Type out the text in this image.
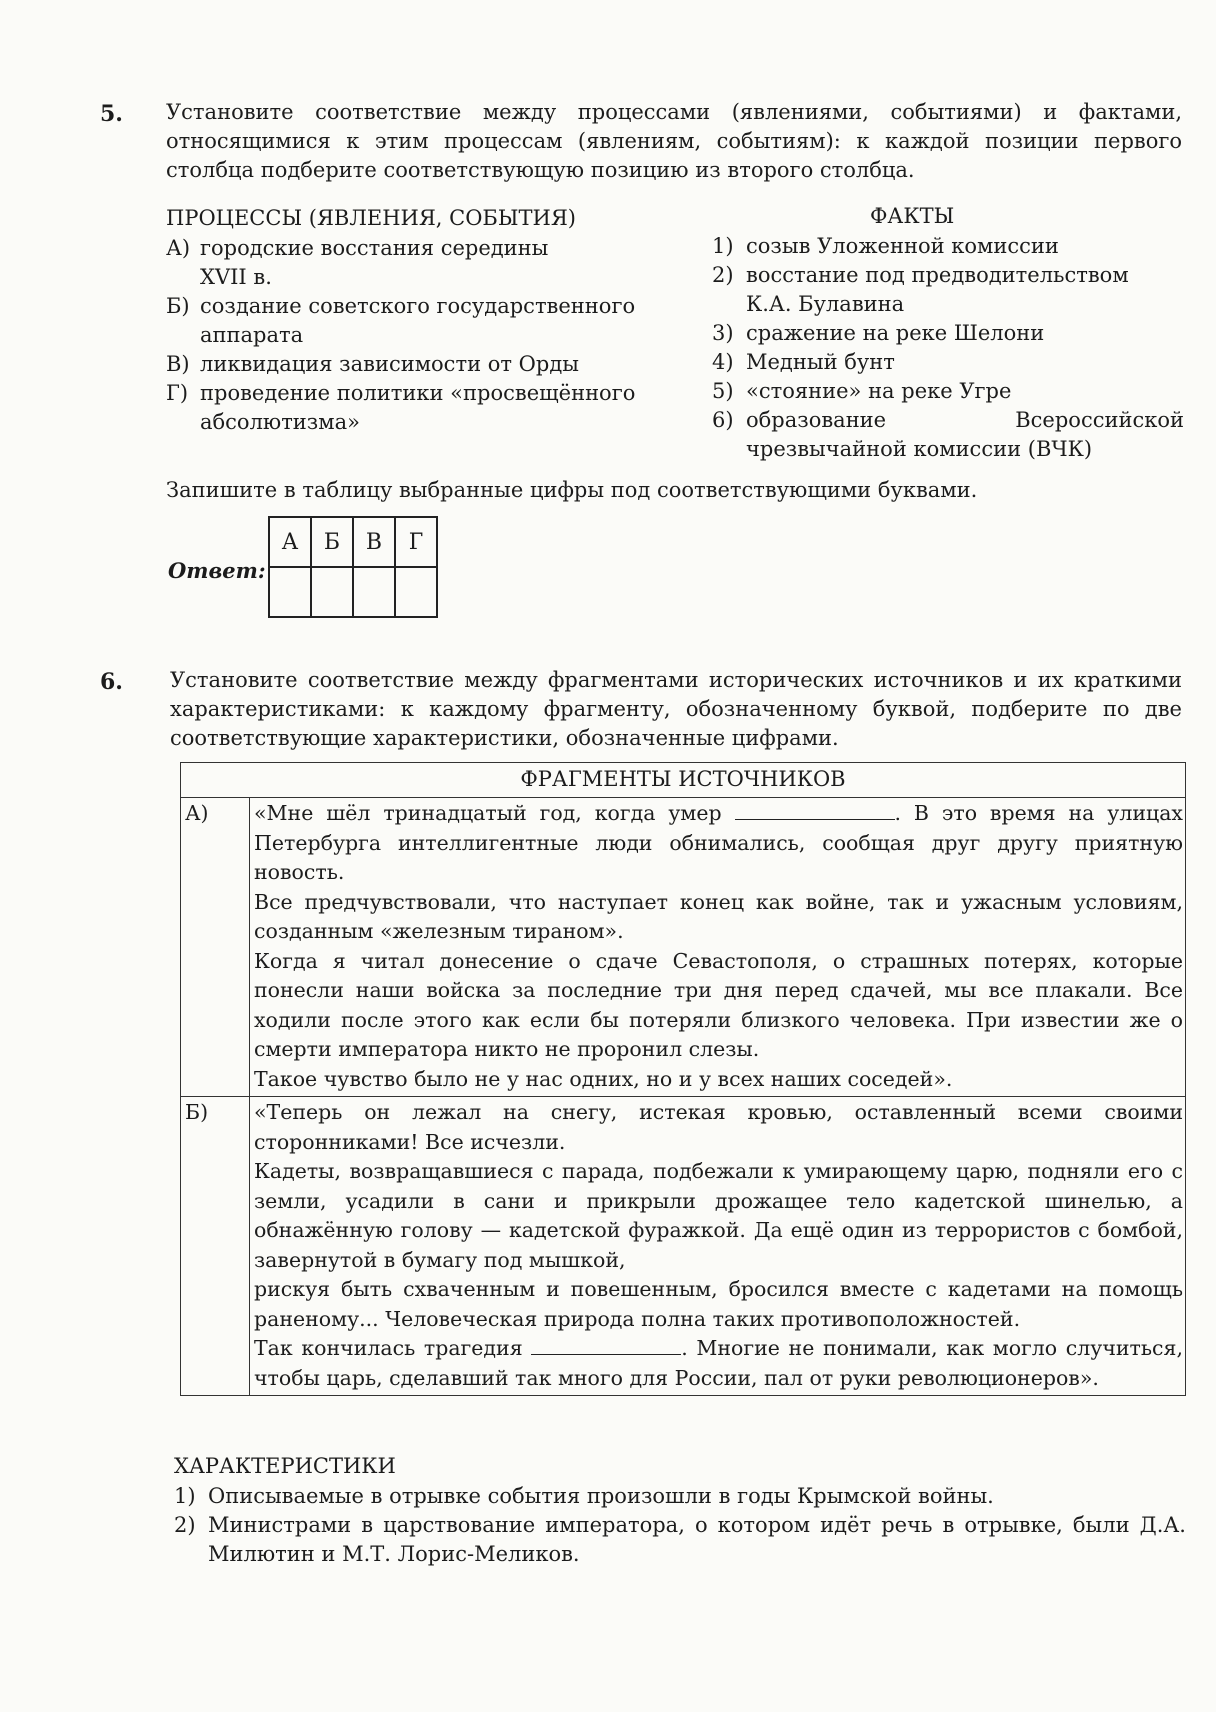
5. Установите соответствие между процессами (явлениями, событиями) и фактами, относящимися к этим процессам (явлениям, событиям): к каждой позиции первого столбца подберите соответствующую позицию из второго столбца.
ПРОЦЕССЫ (ЯВЛЕНИЯ, СОБЫТИЯ)	ФАКТЫ
А) городские восстания середины XVII в.
Б) создание советского государственного аппарата
В) ликвидация зависимости от Орды
Г) проведение политики «просвещённого абсолютизма»
1) созыв Уложенной комиссии
2) восстание под предводительством К.А. Булавина
3) сражение на реке Шелони
4) Медный бунт
5) «стояние» на реке Угре
6) образование Всероссийской чрезвычайной комиссии (ВЧК)
Запишите в таблицу выбранные цифры под соответствующими буквами.
Ответ:
А	Б	В	Г

6. Установите соответствие между фрагментами исторических источников и их краткими характеристиками: к каждому фрагменту, обозначенному буквой, подберите по две соответствующие характеристики, обозначенные цифрами.
ФРАГМЕНТЫ ИСТОЧНИКОВ	
А)	«Мне шёл тринадцатый год, когда умер . В это время на улицах Петербурга интеллигентные люди обнимались, сообщая друг другу приятную новость.

Все предчувствовали, что наступает конец как войне, так и ужасным условиям, созданным «железным тираном».

Когда я читал донесение о сдаче Севастополя, о страшных потерях, которые понесли наши войска за последние три дня перед сдачей, мы все плакали. Все ходили после этого как если бы потеряли близкого человека. При известии же о смерти императора никто не проронил слезы.

Такое чувство было не у нас одних, но и у всех наших соседей».

Б)	«Теперь он лежал на снегу, истекая кровью, оставленный всеми своими сторонниками! Все исчезли.

Кадеты, возвращавшиеся с парада, подбежали к умирающему царю, подняли его с земли, усадили в сани и прикрыли дрожащее тело кадетской шинелью, а обнажённую голову — кадетской фуражкой. Да ещё один из террористов с бомбой, завернутой в бумагу под мышкой,

рискуя быть схваченным и повешенным, бросился вместе с кадетами на помощь раненому... Человеческая природа полна таких противоположностей.

Так кончилась трагедия . Многие не понимали, как могло случиться, чтобы царь, сделавший так много для России, пал от руки революционеров».

ХАРАКТЕРИСТИКИ
1) Описываемые в отрывке события произошли в годы Крымской войны.
2) Министрами в царствование императора, о котором идёт речь в отрывке, были Д.А. Милютин и М.Т. Лорис-Меликов.
